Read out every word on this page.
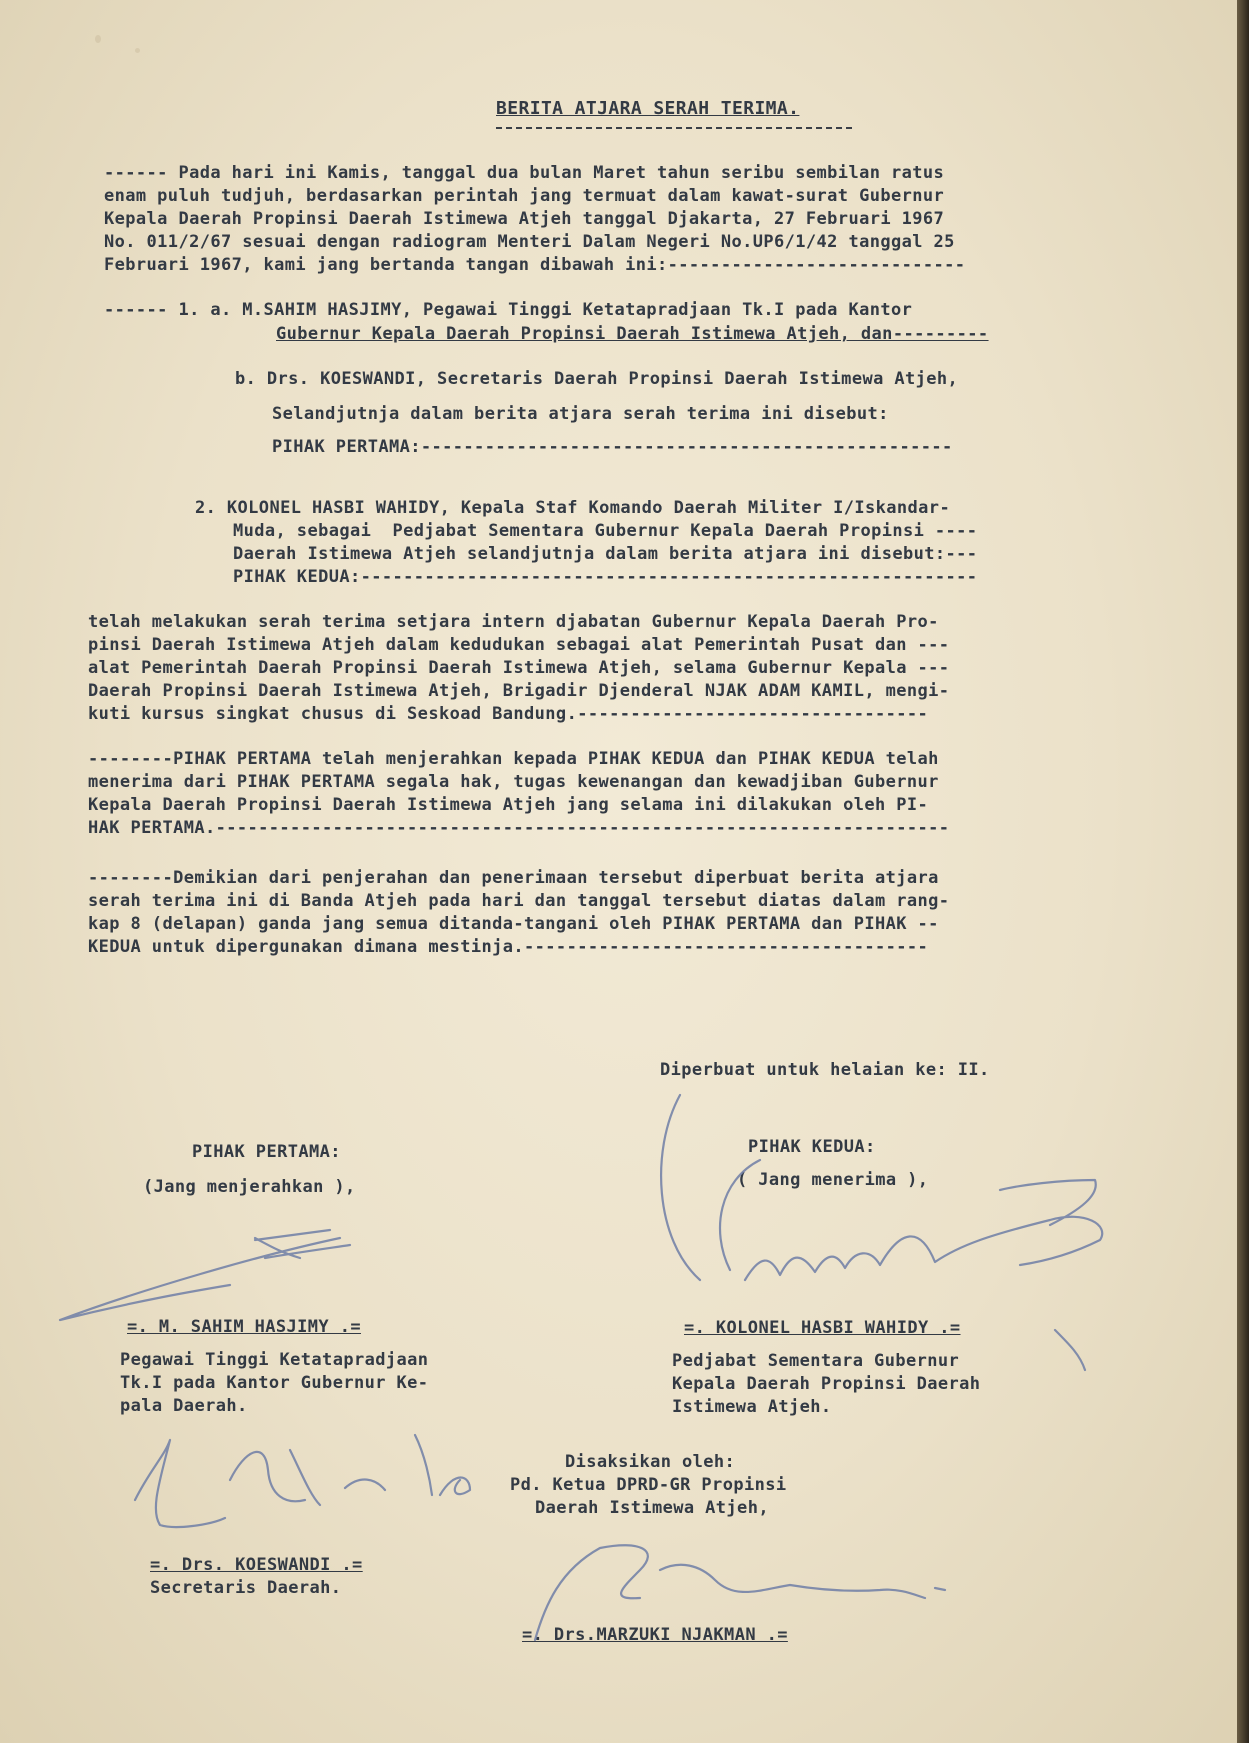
BERITA ATJARA SERAH TERIMA.
------ Pada hari ini Kamis, tanggal dua bulan Maret tahun seribu sembilan ratus
enam puluh tudjuh, berdasarkan perintah jang termuat dalam kawat-surat Gubernur
Kepala Daerah Propinsi Daerah Istimewa Atjeh tanggal Djakarta, 27 Februari 1967
No. 011/2/67 sesuai dengan radiogram Menteri Dalam Negeri No.UP6/1/42 tanggal 25
Februari 1967, kami jang bertanda tangan dibawah ini:----------------------------
------ 1. a. M.SAHIM HASJIMY, Pegawai Tinggi Ketatapradjaan Tk.I pada Kantor
Gubernur Kepala Daerah Propinsi Daerah Istimewa Atjeh, dan---------
b. Drs. KOESWANDI, Secretaris Daerah Propinsi Daerah Istimewa Atjeh,
Selandjutnja dalam berita atjara serah terima ini disebut:
PIHAK PERTAMA:--------------------------------------------------
2. KOLONEL HASBI WAHIDY, Kepala Staf Komando Daerah Militer I/Iskandar-
Muda, sebagai  Pedjabat Sementara Gubernur Kepala Daerah Propinsi ----
Daerah Istimewa Atjeh selandjutnja dalam berita atjara ini disebut:---
PIHAK KEDUA:----------------------------------------------------------
telah melakukan serah terima setjara intern djabatan Gubernur Kepala Daerah Pro-
pinsi Daerah Istimewa Atjeh dalam kedudukan sebagai alat Pemerintah Pusat dan ---
alat Pemerintah Daerah Propinsi Daerah Istimewa Atjeh, selama Gubernur Kepala ---
Daerah Propinsi Daerah Istimewa Atjeh, Brigadir Djenderal NJAK ADAM KAMIL, mengi-
kuti kursus singkat chusus di Seskoad Bandung.---------------------------------
--------PIHAK PERTAMA telah menjerahkan kepada PIHAK KEDUA dan PIHAK KEDUA telah
menerima dari PIHAK PERTAMA segala hak, tugas kewenangan dan kewadjiban Gubernur
Kepala Daerah Propinsi Daerah Istimewa Atjeh jang selama ini dilakukan oleh PI-
HAK PERTAMA.---------------------------------------------------------------------
--------Demikian dari penjerahan dan penerimaan tersebut diperbuat berita atjara
serah terima ini di Banda Atjeh pada hari dan tanggal tersebut diatas dalam rang-
kap 8 (delapan) ganda jang semua ditanda-tangani oleh PIHAK PERTAMA dan PIHAK --
KEDUA untuk dipergunakan dimana mestinja.--------------------------------------
Diperbuat untuk helaian ke: II.
PIHAK PERTAMA:
(Jang menjerahkan ),
=. M. SAHIM HASJIMY .=
Pegawai Tinggi Ketatapradjaan
Tk.I pada Kantor Gubernur Ke-
pala Daerah.
=. Drs. KOESWANDI .=
Secretaris Daerah.
PIHAK KEDUA:
( Jang menerima ),
=. KOLONEL HASBI WAHIDY .=
Pedjabat Sementara Gubernur
Kepala Daerah Propinsi Daerah
Istimewa Atjeh.
Disaksikan oleh:
Pd. Ketua DPRD-GR Propinsi
Daerah Istimewa Atjeh,
=. Drs.MARZUKI NJAKMAN .=
